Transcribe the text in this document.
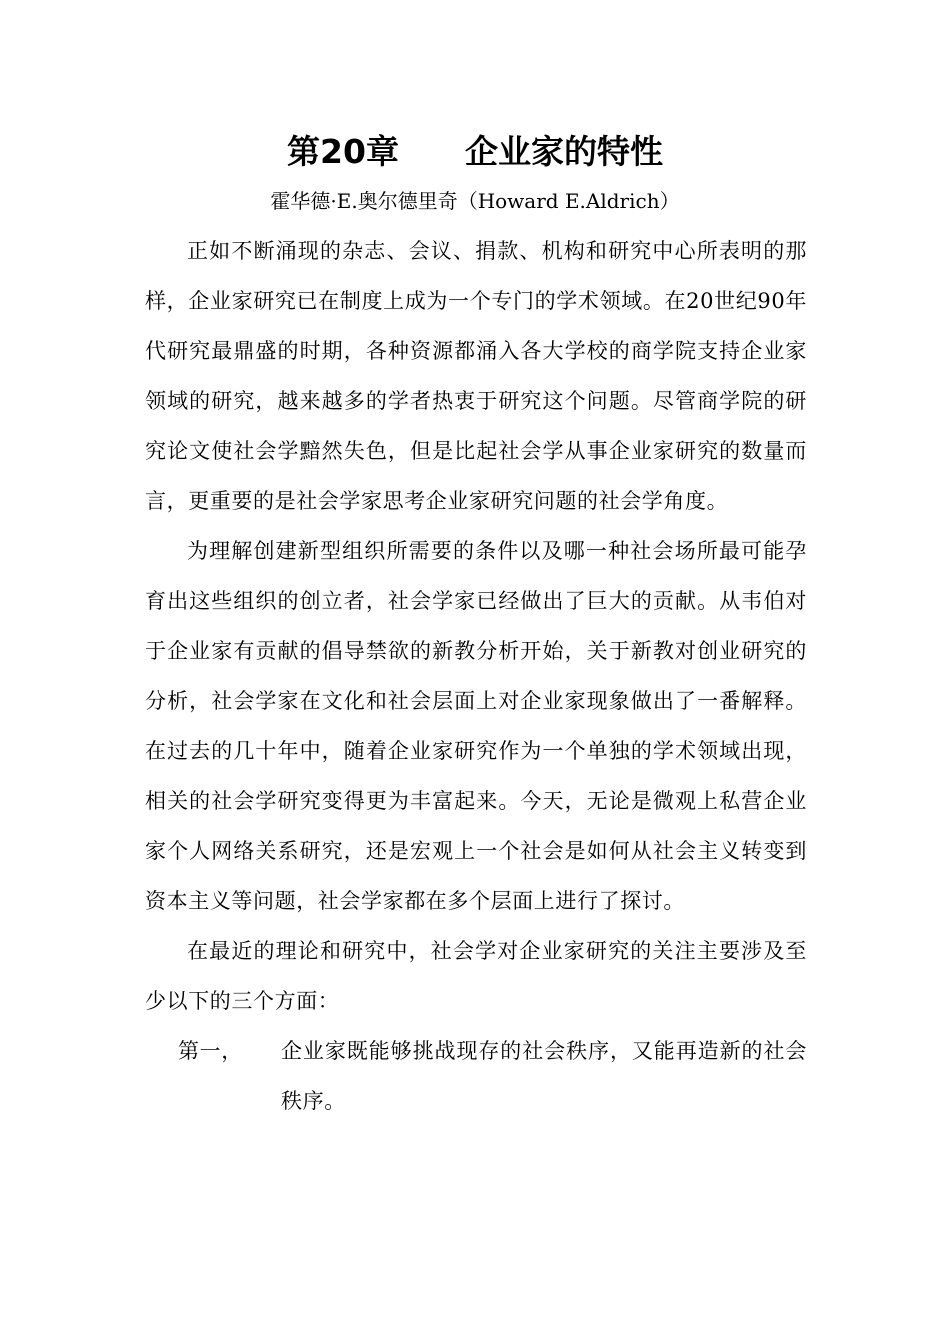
第20章　　企业家的特性
霍华德·E.奥尔德里奇（Howard E.Aldrich）

正如不断涌现的杂志、会议、捐款、机构和研究中心所表明的那样，企业家研究已在制度上成为一个专门的学术领域。在20世纪90年代研究最鼎盛的时期，各种资源都涌入各大学校的商学院支持企业家领域的研究，越来越多的学者热衷于研究这个问题。尽管商学院的研究论文使社会学黯然失色，但是比起社会学从事企业家研究的数量而言，更重要的是社会学家思考企业家研究问题的社会学角度。

为理解创建新型组织所需要的条件以及哪一种社会场所最可能孕育出这些组织的创立者，社会学家已经做出了巨大的贡献。从韦伯对于企业家有贡献的倡导禁欲的新教分析开始，关于新教对创业研究的分析，社会学家在文化和社会层面上对企业家现象做出了一番解释。在过去的几十年中，随着企业家研究作为一个单独的学术领域出现，相关的社会学研究变得更为丰富起来。今天，无论是微观上私营企业家个人网络关系研究，还是宏观上一个社会是如何从社会主义转变到资本主义等问题，社会学家都在多个层面上进行了探讨。

在最近的理论和研究中，社会学对企业家研究的关注主要涉及至少以下的三个方面：

第一， 企业家既能够挑战现存的社会秩序，又能再造新的社会秩序。
